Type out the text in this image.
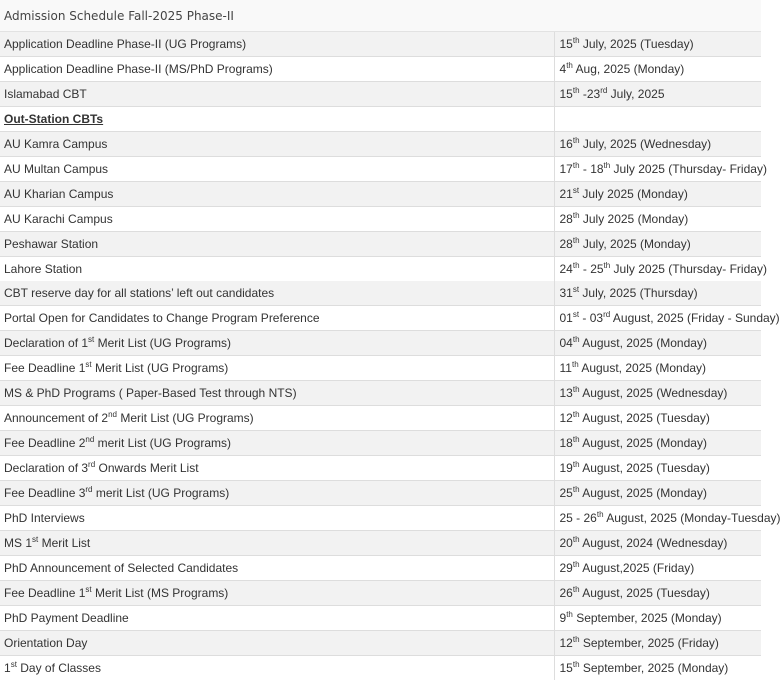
Admission Schedule Fall-2025 Phase-II
Application Deadline Phase-II (UG Programs)	15th July, 2025 (Tuesday)
Application Deadline Phase-II (MS/PhD Programs)	4th Aug, 2025 (Monday)
Islamabad CBT	15th -23rd July, 2025
Out-Station CBTs	
AU Kamra Campus	16th July, 2025 (Wednesday)
AU Multan Campus	17th - 18th July 2025 (Thursday- Friday)
AU Kharian Campus	21st July 2025 (Monday)
AU Karachi Campus	28th July 2025 (Monday)
Peshawar Station	28th July, 2025 (Monday)
Lahore Station	24th - 25th July 2025 (Thursday- Friday)
CBT reserve day for all stations’ left out candidates	31st July, 2025 (Thursday)
Portal Open for Candidates to Change Program Preference	01st - 03rd August, 2025 (Friday - Sunday)
Declaration of 1st Merit List (UG Programs)	04th August, 2025 (Monday)
Fee Deadline 1st Merit List (UG Programs)	11th August, 2025 (Monday)
MS & PhD Programs ( Paper-Based Test through NTS)	13th August, 2025 (Wednesday)
Announcement of 2nd Merit List (UG Programs)	12th August, 2025 (Tuesday)
Fee Deadline 2nd merit List (UG Programs)	18th August, 2025 (Monday)
Declaration of 3rd Onwards Merit List	19th August, 2025 (Tuesday)
Fee Deadline 3rd merit List (UG Programs)	25th August, 2025 (Monday)
PhD Interviews	25 - 26th August, 2025 (Monday-Tuesday)
MS 1st Merit List	20th August, 2024 (Wednesday)
PhD Announcement of Selected Candidates	29th August,2025 (Friday)
Fee Deadline 1st Merit List (MS Programs)	26th August, 2025 (Tuesday)
PhD Payment Deadline	9th September, 2025 (Monday)
Orientation Day	12th September, 2025 (Friday)
1st Day of Classes	15th September, 2025 (Monday)
